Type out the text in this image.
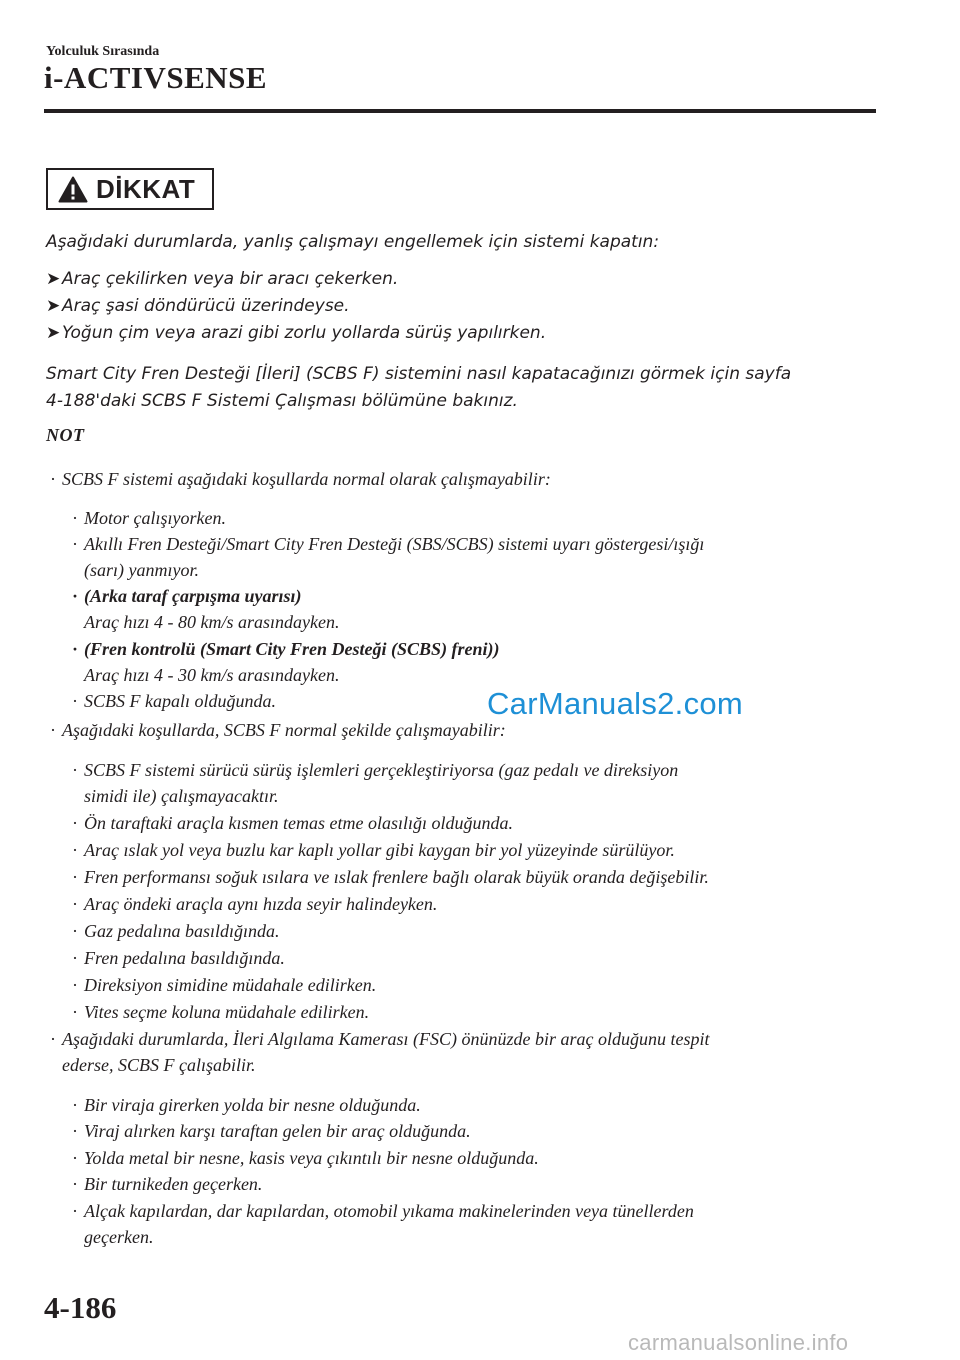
Yolculuk Sırasında
i-ACTIVSENSE
DİKKAT
Aşağıdaki durumlarda, yanlış çalışmayı engellemek için sistemi kapatın:
➤ Araç çekilirken veya bir aracı çekerken.
➤ Araç şasi döndürücü üzerindeyse.
➤ Yoğun çim veya arazi gibi zorlu yollarda sürüş yapılırken.
Smart City Fren Desteği [İleri] (SCBS F) sistemini nasıl kapatacağınızı görmek için sayfa
4-188'daki SCBS F Sistemi Çalışması bölümüne bakınız.
NOT
· SCBS F sistemi aşağıdaki koşullarda normal olarak çalışmayabilir:
· Motor çalışıyorken.
· Akıllı Fren Desteği/Smart City Fren Desteği (SBS/SCBS) sistemi uyarı göstergesi/ışığı
(sarı) yanmıyor.
· (Arka taraf çarpışma uyarısı)
Araç hızı 4 - 80 km/s arasındayken.
· (Fren kontrolü (Smart City Fren Desteği (SCBS) freni))
Araç hızı 4 - 30 km/s arasındayken.
· SCBS F kapalı olduğunda.
· Aşağıdaki koşullarda, SCBS F normal şekilde çalışmayabilir:
· SCBS F sistemi sürücü sürüş işlemleri gerçekleştiriyorsa (gaz pedalı ve direksiyon
simidi ile) çalışmayacaktır.
· Ön taraftaki araçla kısmen temas etme olasılığı olduğunda.
· Araç ıslak yol veya buzlu kar kaplı yollar gibi kaygan bir yol yüzeyinde sürülüyor.
· Fren performansı soğuk ısılara ve ıslak frenlere bağlı olarak büyük oranda değişebilir.
· Araç öndeki araçla aynı hızda seyir halindeyken.
· Gaz pedalına basıldığında.
· Fren pedalına basıldığında.
· Direksiyon simidine müdahale edilirken.
· Vites seçme koluna müdahale edilirken.
· Aşağıdaki durumlarda, İleri Algılama Kamerası (FSC) önünüzde bir araç olduğunu tespit
ederse, SCBS F çalışabilir.
· Bir viraja girerken yolda bir nesne olduğunda.
· Viraj alırken karşı taraftan gelen bir araç olduğunda.
· Yolda metal bir nesne, kasis veya çıkıntılı bir nesne olduğunda.
· Bir turnikeden geçerken.
· Alçak kapılardan, dar kapılardan, otomobil yıkama makinelerinden veya tünellerden
geçerken.
CarManuals2.com
4-186
carmanualsonline.info
